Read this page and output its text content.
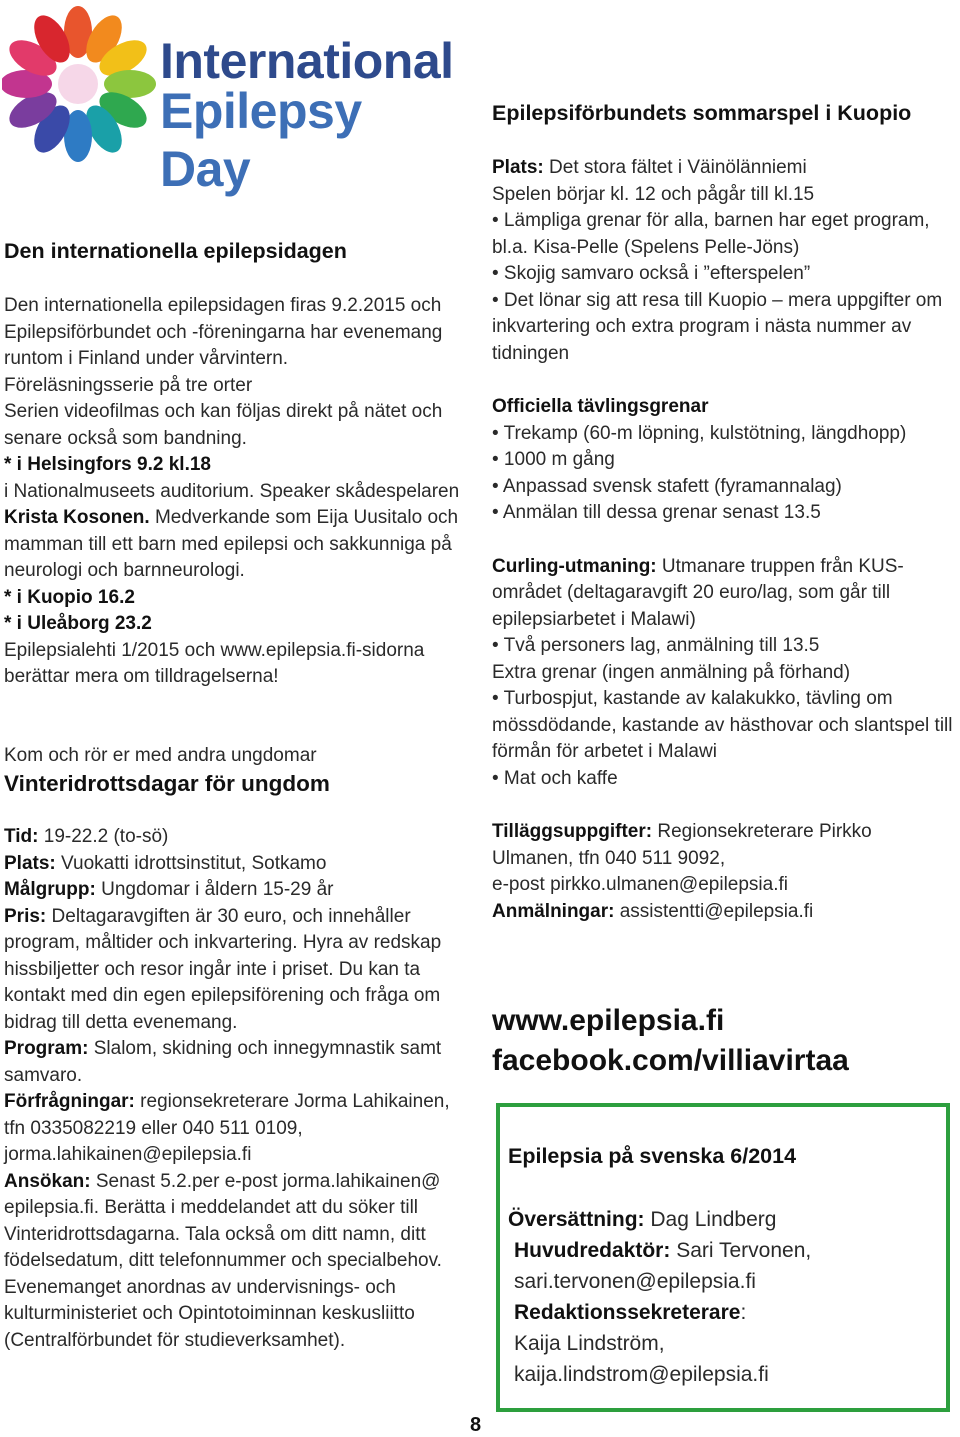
International
Epilepsy Day
Den internationella epilepsidagen

Den internationella epilepsidagen firas 9.2.2015 och Epilepsiförbundet och -föreningarna har evenemang runtom i Finland under vårvintern.

Föreläsningsserie på tre orter

Serien videofilmas och kan följas direkt på nätet och senare också som bandning.

* i Helsingfors 9.2 kl.18

i Nationalmuseets auditorium. Speaker skådespelaren Krista Kosonen. Medverkande som Eija Uusitalo och mamman till ett barn med epilepsi och sakkunniga på neurologi och barnneurologi.

* i Kuopio 16.2

* i Uleåborg 23.2

Epilepsialehti 1/2015 och www.epilepsia.fi-sidorna berättar mera om tilldragelserna!

Kom och rör er med andra ungdomar

Vinteridrottsdagar för ungdom

Tid: 19-22.2 (to-sö)

Plats: Vuokatti idrottsinstitut, Sotkamo

Målgrupp: Ungdomar i åldern 15-29 år

Pris: Deltagaravgiften är 30 euro, och innehåller program, måltider och inkvartering. Hyra av redskap hissbiljetter och resor ingår inte i priset. Du kan ta kontakt med din egen epilepsiförening och fråga om bidrag till detta evenemang.

Program: Slalom, skidning och innegymnastik samt samvaro.

Förfrågningar: regionsekreterare Jorma Lahikainen, tfn 0335082219 eller 040 511 0109, jorma.lahikainen@epilepsia.fi

Ansökan: Senast 5.2.per e-post jorma.lahikainen@ epilepsia.fi. Berätta i meddelandet att du söker till Vinteridrottsdagarna. Tala också om ditt namn, ditt födelsedatum, ditt telefonnummer och specialbehov.

Evenemanget anordnas av undervisnings- och kulturministeriet och Opintotoiminnan keskusliitto (Centralförbundet för studieverksamhet).

Epilepsiförbundets sommarspel i Kuopio

Plats: Det stora fältet i Väinölänniemi

Spelen börjar kl. 12 och pågår till kl.15

• Lämpliga grenar för alla, barnen har eget program, bl.a. Kisa-Pelle (Spelens Pelle-Jöns)

• Skojig samvaro också i ”efterspelen”

• Det lönar sig att resa till Kuopio – mera uppgifter om inkvartering och extra program i nästa nummer av tidningen

Officiella tävlingsgrenar

• Trekamp (60-m löpning, kulstötning, längdhopp)

• 1000 m gång

• Anpassad svensk stafett (fyramannalag)

• Anmälan till dessa grenar senast 13.5

Curling-utmaning: Utmanare truppen från KUS-området (deltagaravgift 20 euro/lag, som går till epilepsiarbetet i Malawi)

• Två personers lag, anmälning till 13.5

Extra grenar (ingen anmälning på förhand)

• Turbospjut, kastande av kalakukko, tävling om mössdödande, kastande av hästhovar och slantspel till förmån för arbetet i Malawi

• Mat och kaffe

Tilläggsuppgifter: Regionsekreterare Pirkko Ulmanen, tfn 040 511 9092,

e-post pirkko.ulmanen@epilepsia.fi

Anmälningar: assistentti@epilepsia.fi

www.epilepsia.fi
facebook.com/villiavirtaa
Epilepsia på svenska 6/2014
Översättning: Dag Lindberg
Huvudredaktör: Sari Tervonen,
sari.tervonen@epilepsia.fi
Redaktionssekreterare:
Kaija Lindström,
kaija.lindstrom@epilepsia.fi
8
